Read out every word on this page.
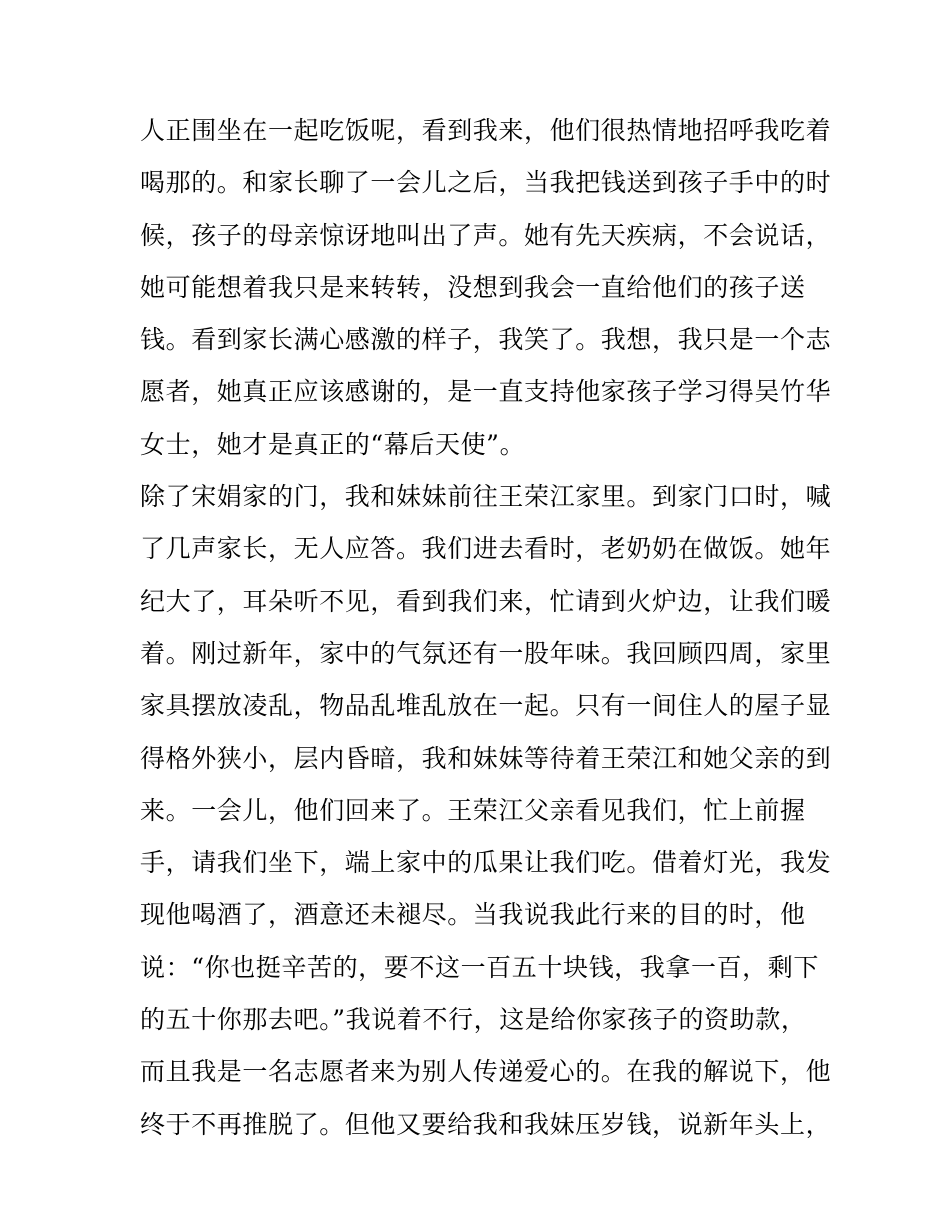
人正围坐在一起吃饭呢，看到我来，他们很热情地招呼我吃着
喝那的。和家长聊了一会儿之后，当我把钱送到孩子手中的时
候，孩子的母亲惊讶地叫出了声。她有先天疾病，不会说话，
她可能想着我只是来转转，没想到我会一直给他们的孩子送
钱。看到家长满心感激的样子，我笑了。我想，我只是一个志
愿者，她真正应该感谢的，是一直支持他家孩子学习得吴竹华
女士，她才是真正的“幕后天使”。
除了宋娟家的门，我和妹妹前往王荣江家里。到家门口时，喊
了几声家长，无人应答。我们进去看时，老奶奶在做饭。她年
纪大了，耳朵听不见，看到我们来，忙请到火炉边，让我们暖
着。刚过新年，家中的气氛还有一股年味。我回顾四周，家里
家具摆放凌乱，物品乱堆乱放在一起。只有一间住人的屋子显
得格外狭小，层内昏暗，我和妹妹等待着王荣江和她父亲的到
来。一会儿，他们回来了。王荣江父亲看见我们，忙上前握
手，请我们坐下，端上家中的瓜果让我们吃。借着灯光，我发
现他喝酒了，酒意还未褪尽。当我说我此行来的目的时，他
说：“你也挺辛苦的，要不这一百五十块钱，我拿一百，剩下
的五十你那去吧。”我说着不行，这是给你家孩子的资助款，
而且我是一名志愿者来为别人传递爱心的。在我的解说下，他
终于不再推脱了。但他又要给我和我妹压岁钱，说新年头上，
